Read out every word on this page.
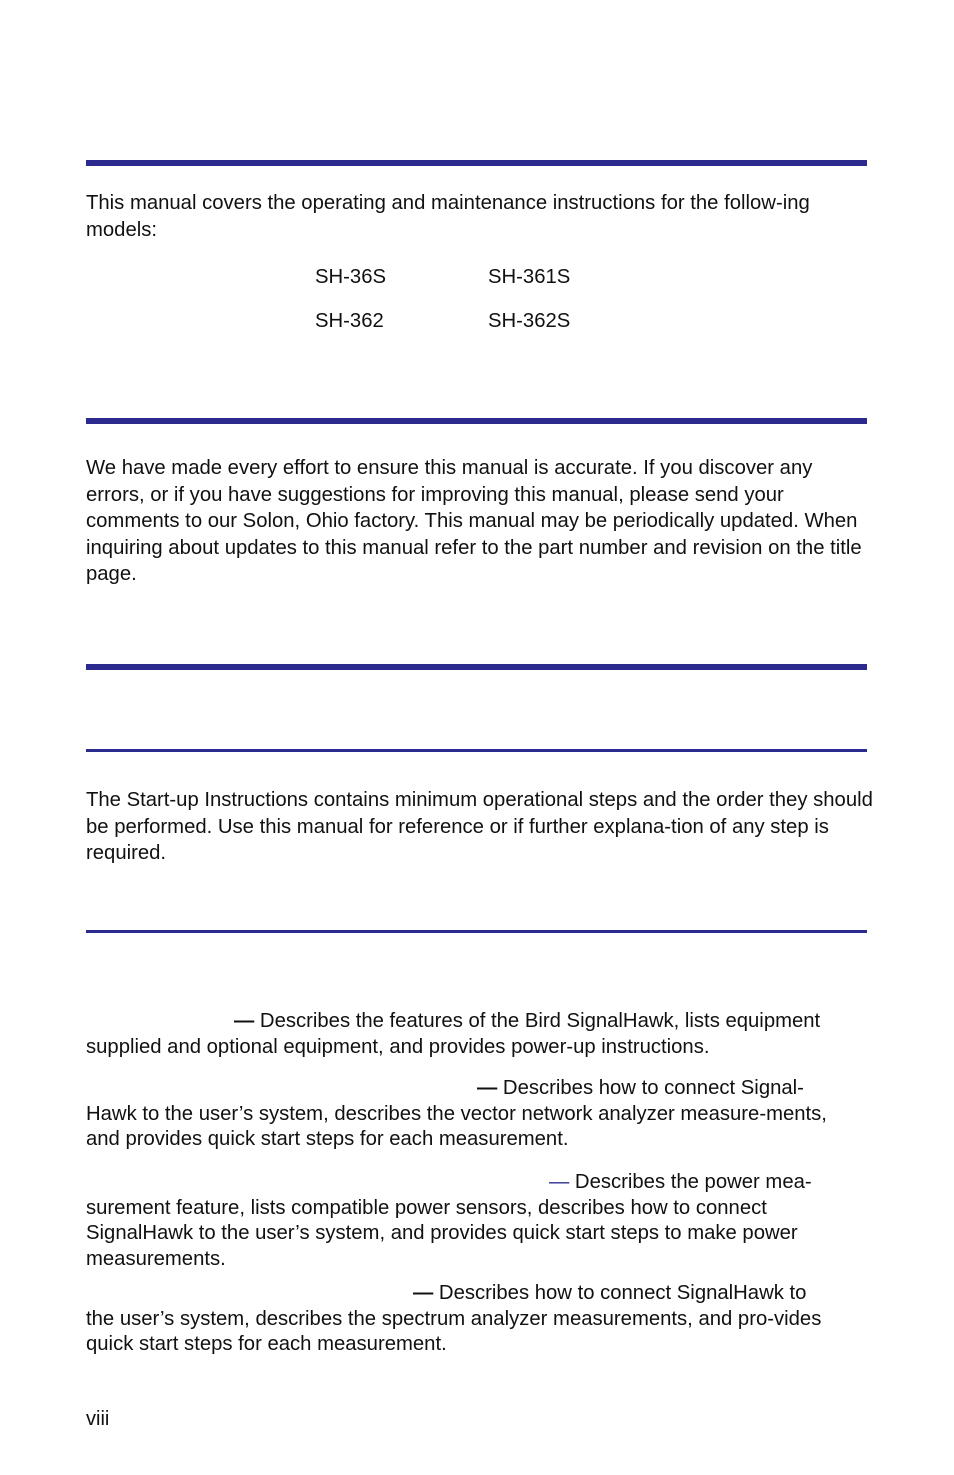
This manual covers the operating and maintenance instructions for the follow-ing models:

SH-36S	SH-361S
SH-362	SH-362S

We have made every effort to ensure this manual is accurate. If you discover any errors, or if you have suggestions for improving this manual, please send your comments to our Solon, Ohio factory. This manual may be periodically updated. When inquiring about updates to this manual refer to the part number and revision on the title page.

The Start-up Instructions contains minimum operational steps and the order they should be performed. Use this manual for reference or if further explana-tion of any step is required.

— Describes the features of the Bird SignalHawk, lists equipment
supplied and optional equipment, and provides power-up instructions.
— Describes how to connect Signal-
Hawk to the user’s system, describes the vector network analyzer measure-ments, and provides quick start steps for each measurement.
— Describes the power mea-
surement feature, lists compatible power sensors, describes how to connect SignalHawk to the user’s system, and provides quick start steps to make power measurements.
— Describes how to connect SignalHawk to
the user’s system, describes the spectrum analyzer measurements, and pro-vides quick start steps for each measurement.
viii
